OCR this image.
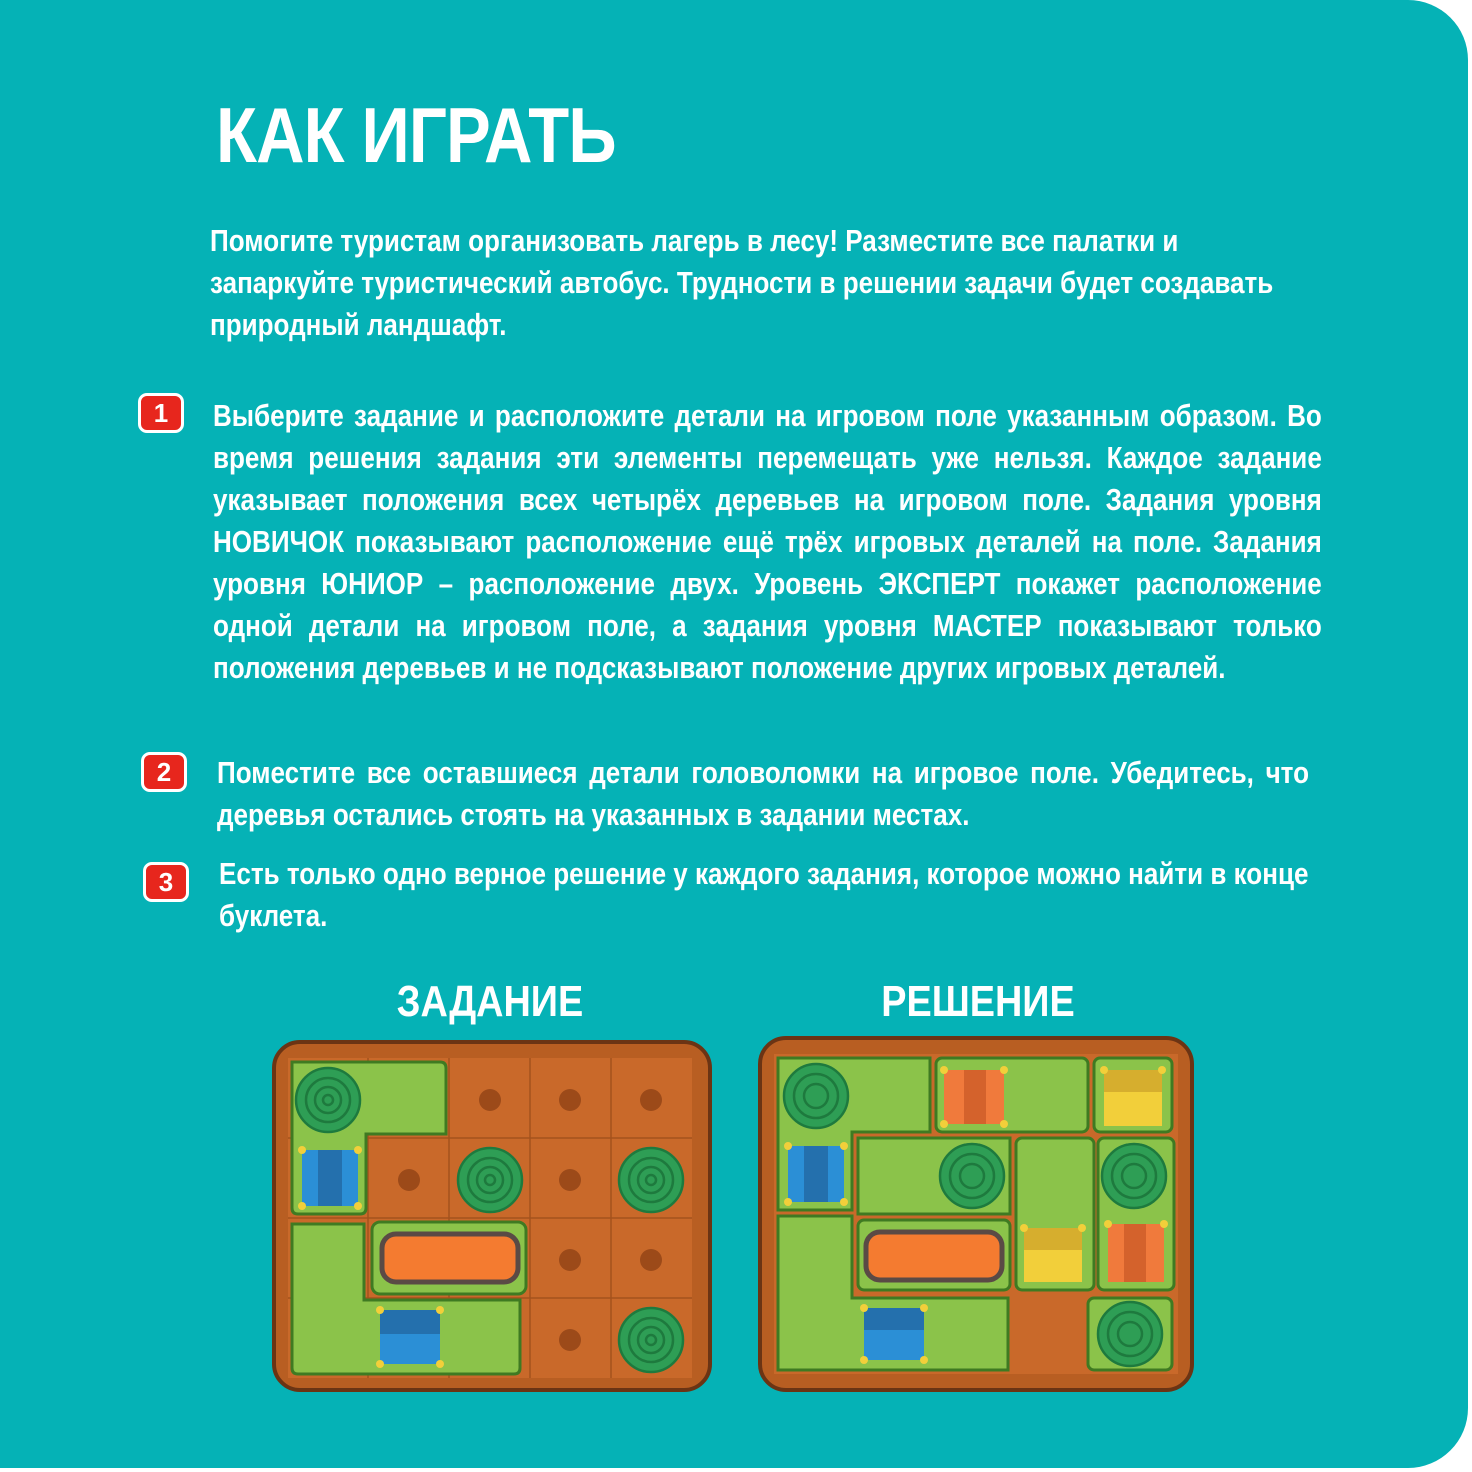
КАК ИГРАТЬ

Помогите туристам организовать лагерь в лесу! Разместите все палатки и запаркуйте туристический автобус. Трудности в решении задачи будет создавать природный ландшафт.

1	Выберите задание и расположите детали на игровом поле указанным образом. Во время решения задания эти элементы перемещать уже нельзя. Каждое задание указывает положения всех четырёх деревьев на игровом поле. Задания уровня НОВИЧОК показывают расположение ещё трёх игровых деталей на поле. Задания уровня ЮНИОР – расположение двух. Уровень ЭКСПЕРТ покажет расположение одной детали на игровом поле, а задания уровня МАСТЕР показывают только положения деревьев и не подсказывают положение других игровых деталей.

2	Поместите все оставшиеся детали головоломки на игровое поле. Убедитесь, что деревья остались стоять на указанных в задании местах.

3	Есть только одно верное решение у каждого задания, которое можно найти в конце буклета.

ЗАДАНИЕ	РЕШЕНИЕ
